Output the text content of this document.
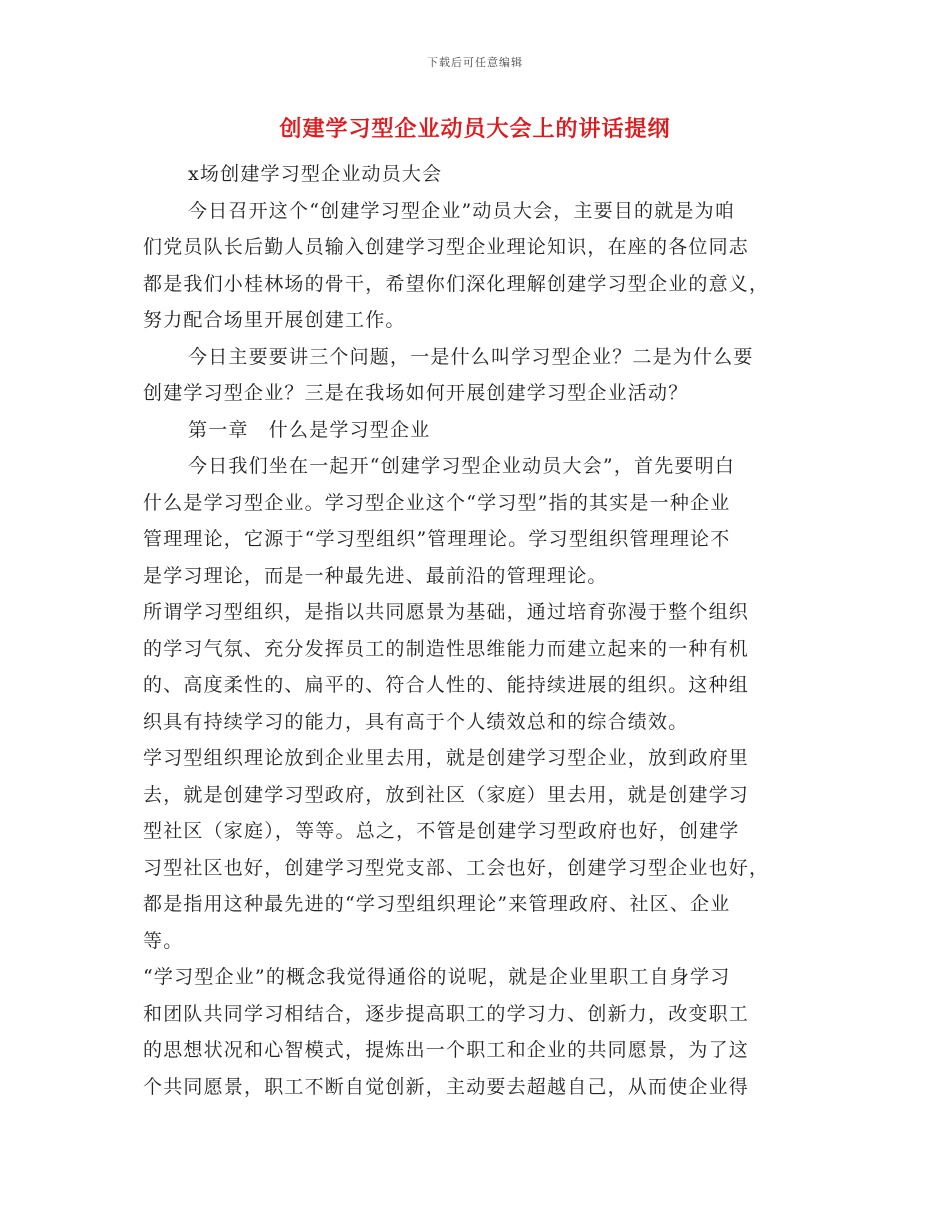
下载后可任意编辑
创建学习型企业动员大会上的讲话提纲
x场创建学习型企业动员大会
今日召开这个“创建学习型企业”动员大会，主要目的就是为咱
们党员队长后勤人员输入创建学习型企业理论知识，在座的各位同志
都是我们小桂林场的骨干，希望你们深化理解创建学习型企业的意义，
努力配合场里开展创建工作。
今日主要要讲三个问题，一是什么叫学习型企业？二是为什么要
创建学习型企业？三是在我场如何开展创建学习型企业活动？
第一章　什么是学习型企业
今日我们坐在一起开“创建学习型企业动员大会”，首先要明白
什么是学习型企业。学习型企业这个“学习型”指的其实是一种企业
管理理论，它源于“学习型组织”管理理论。学习型组织管理理论不
是学习理论，而是一种最先进、最前沿的管理理论。
所谓学习型组织，是指以共同愿景为基础，通过培育弥漫于整个组织
的学习气氛、充分发挥员工的制造性思维能力而建立起来的一种有机
的、高度柔性的、扁平的、符合人性的、能持续进展的组织。这种组
织具有持续学习的能力，具有高于个人绩效总和的综合绩效。
学习型组织理论放到企业里去用，就是创建学习型企业，放到政府里
去，就是创建学习型政府，放到社区（家庭）里去用，就是创建学习
型社区（家庭），等等。总之，不管是创建学习型政府也好，创建学
习型社区也好，创建学习型党支部、工会也好，创建学习型企业也好，
都是指用这种最先进的“学习型组织理论”来管理政府、社区、企业
等。
“学习型企业”的概念我觉得通俗的说呢，就是企业里职工自身学习
和团队共同学习相结合，逐步提高职工的学习力、创新力，改变职工
的思想状况和心智模式，提炼出一个职工和企业的共同愿景，为了这
个共同愿景，职工不断自觉创新，主动要去超越自己，从而使企业得
